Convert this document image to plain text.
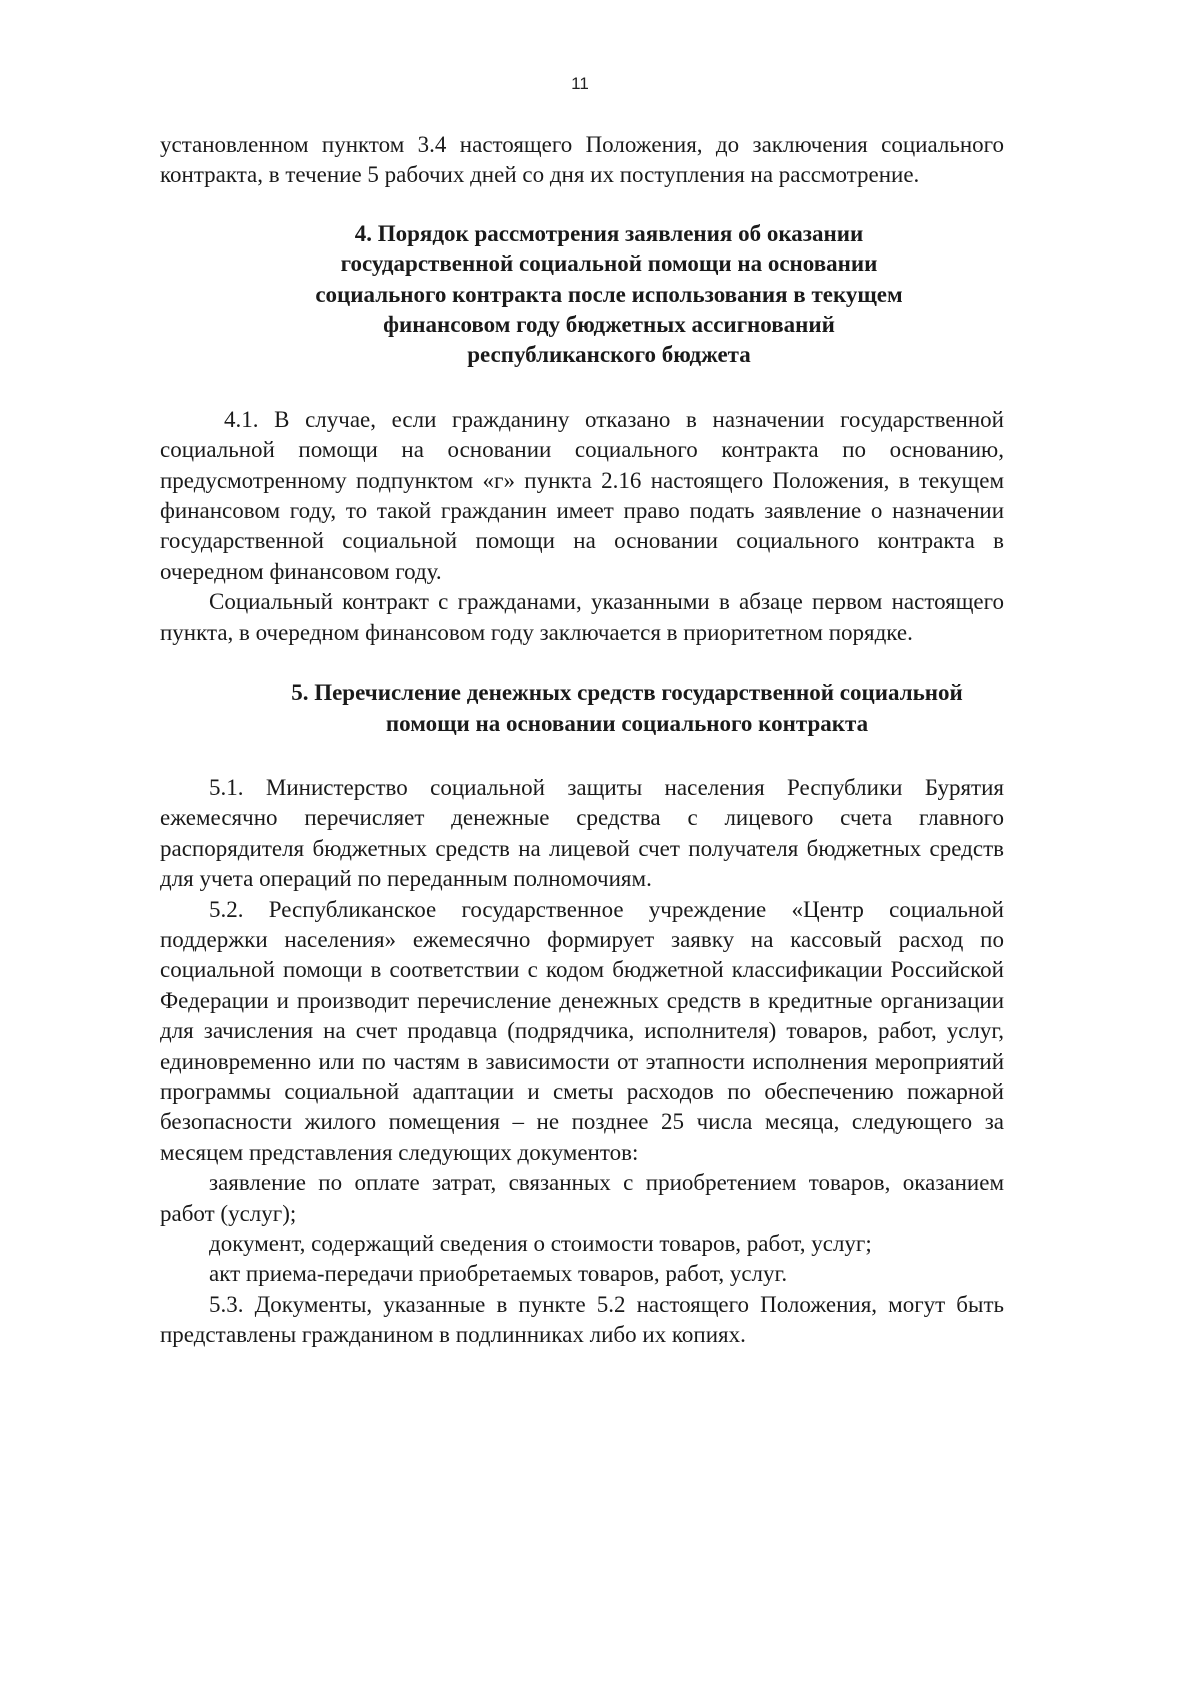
11

установленном пунктом 3.4 настоящего Положения, до заключения социального контракта, в течение 5 рабочих дней со дня их поступления на рассмотрение.

4. Порядок рассмотрения заявления об оказании
государственной социальной помощи на основании
социального контракта после использования в текущем
финансовом году бюджетных ассигнований
республиканского бюджета

4.1. В случае, если гражданину отказано в назначении государственной социальной помощи на основании социального контракта по основанию, предусмотренному подпунктом «г» пункта 2.16 настоящего Положения, в текущем финансовом году, то такой гражданин имеет право подать заявление о назначении государственной социальной помощи на основании социального контракта в очередном финансовом году.

Социальный контракт с гражданами, указанными в абзаце первом настоящего пункта, в очередном финансовом году заключается в приоритетном порядке.

5. Перечисление денежных средств государственной социальной
помощи на основании социального контракта

5.1. Министерство социальной защиты населения Республики Бурятия ежемесячно перечисляет денежные средства с лицевого счета главного распорядителя бюджетных средств на лицевой счет получателя бюджетных средств для учета операций по переданным полномочиям.

5.2. Республиканское государственное учреждение «Центр социальной поддержки населения» ежемесячно формирует заявку на кассовый расход по социальной помощи в соответствии с кодом бюджетной классификации Российской Федерации и производит перечисление денежных средств в кредитные организации для зачисления на счет продавца (подрядчика, исполнителя) товаров, работ, услуг, единовременно или по частям в зависимости от этапности исполнения мероприятий программы социальной адаптации и сметы расходов по обеспечению пожарной безопасности жилого помещения – не позднее 25 числа месяца, следующего за месяцем представления следующих документов:

заявление по оплате затрат, связанных с приобретением товаров, оказанием работ (услуг);

документ, содержащий сведения о стоимости товаров, работ, услуг;

акт приема-передачи приобретаемых товаров, работ, услуг.

5.3. Документы, указанные в пункте 5.2 настоящего Положения, могут быть представлены гражданином в подлинниках либо их копиях.
